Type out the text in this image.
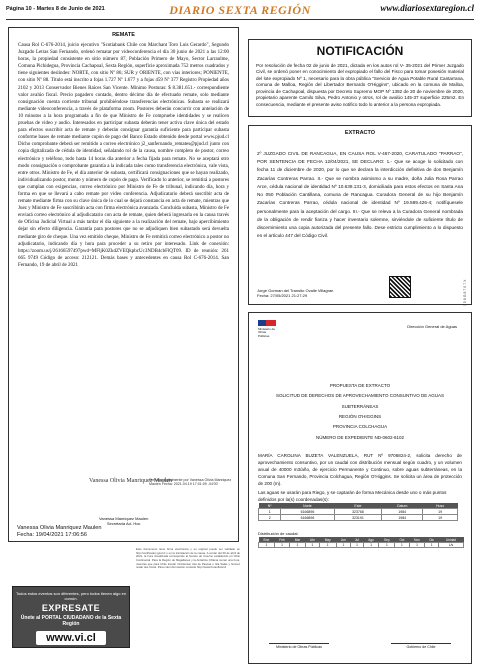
Página 10 - Martes 8 de Junio de 2021	DIARIO SEXTA REGIÓN	www.diariosextaregion.cl
REMATE
Causa Rol C-676-2014, juicio ejecutivo "Scotiabank Chile con Marchant Toro Luis Gerardo", Segundo Juzgado Letras San Fernando, ordenó rematar por videoconferencia el día 30 junio de 2021 a las 12:00 horas, la propiedad consistente en sitio número 87, Población Primero de Mayo, Sector Larraulme, Comuna Pichidegua, Provincia Cachapoal, Sexta Región, superficie aproximada 752 metros cuadrados y tiene siguientes deslindes: NORTE, con sitio Nº 86; SUR y ORIENTE, con vías interiores; PONIENTE, con sitio Nº 88. Título está inscrito a fojas 1.727 Nº 1.677 y a fojas 459 Nº 377 Registro Propiedad años 2102 y 2013 Conservador Bienes Raíces San Vicente. Mínimo Posturas: $ 8.381.651.- correspondiente valor avalúo fiscal. Precio pagadero contado, dentro décimo día de efectuado remate, solo mediante consignación cuenta corriente tribunal prohibiéndose transferencias electrónicas. Subasta se realizará mediante videoconferencia, a través de plataforma zoom. Postores deberán concurrir con antelación de 10 minutos a la hora programada a fin de que Ministro de Fe compruebe identidades y se realicen pruebas de video y audio. Interesados en participar subasta deberán tener activa clave única del estado para efectos suscribir acta de remate y deberán consignar garantía suficiente para participar subasta conforme bases de remate mediante cupón de pago del Banco Estado obtenido desde portal www.pjud.cl Dicho comprobante deberá ser remitido a correo electrónico j2_sanfernando_remates@pjud.cl junto con copia digitalizada de cédula de identidad, señalando rol de la causa, nombre completo de postor, correo electrónico y teléfono, todo hasta 14 horas día anterior a fecha fijada para remate. No se aceptará otro modo consignación o comprobante garantía a la indicada tales como transferencia electrónica, vale vista, entre otros. Ministro de Fe, el día anterior de subasta, certificará consignaciones que se hayan realizado, individualizando postor, monto y número de cupón de pago. Verificado lo anterior, se remitirá a postores que cumplan con exigencias, correo electrónico por Ministro de Fe de tribunal, indicando día, hora y forma en que se llevará a cabo remate por video conferencia. Adjudicatario deberá suscribir acta de remate mediante firma con su clave única de lo cual se dejará constancia en acta de remate, mientras que Juez y Ministro de Fe suscribirán acta con firma electrónica avanzada. Concluida subasta, Ministro de Fe enviará correo electrónico al adjudicatario con acta de remate, quien deberá ingresarla en la causa través de Oficina Judicial Virtual a más tardar el día siguiente a la realización del remate, bajo apercibimiento dejar sin efecto diligencia. Garantía para postores que no se adjudiquen bien subastado será devuelta mediante giro de cheque. Una vez emitido cheque, Ministro de Fe remitirá correo electrónico a postor no adjudicatario, indicando día y hora para proceder a su retiro por interesado. Link de conexión: https://zoom.us/j/26166597497pwd=MFljK0ZkdZVEQkpbcUc3NDB4cbFlQT09. ID de reunión: 261 665 9749 Código de acceso: 212121. Demás bases y antecedentes en causa Rol C-676-2014. San Fernando, 19 de abril de 2021
Vanessa Olivia Manriquez Maulen
Firmado digitalmente por Vanessa Olivia Manriquez Maulen Fecha: 2021.04.19 17:01:09 -04'00'
Vanessa Manriquez Maulen
Secretaria Ad- Hoc
Vanessa Olivia Manriquez Maulen
Fecha: 19/04/2021 17:06:56
Este documento tiene firma electrónica y su original puede ser validado en http://verificadoc.pjud.cl o en la tramitación de la causa. A contar del 09 de abril de 2021, la hora visualizada corresponde al horario de invierno establecido en Chile Continental. Para la Región de Magallanes y la Antártica Chilena sumar una hora, mientras que para Chile Insular Occidental, Isla de Pascua e Isla Salas y Gómez restar dos horas. Para más información consulte http://www.horaoficial.cl
NOTIFICACIÓN
Por resolución de fecha 02 de junio de 2021, dictada en los autos rol V- 35-2021 del Primer Juzgado Civil, se ordenó poner en conocimiento del expropiado el fallo del Fisco para tomar posesión material del lote expropiado Nº 1, necesario para la obra pública "Servicio de Agua Potable Rural Cantarrana, comuna de Malloa, Región del Libertador Bernardo O'Higgins", ubicado en la comuna de Malloa, provincia de Cachapoal, dispuesta por Decreto Supremo MOP Nº 1392 de 30 de noviembre de 2020, propietario aparente Camilo Silva, Pedro Antonio y otros, rol de avalúo 145-37 superficie 225m2. En consecuencia, mediante el presente aviso notifico todo lo anterior a la persona expropiada.
EXTRACTO
2º JUZGADO CIVIL DE RANCAGUA, EN CAUSA ROL V-467-2020, CARATULADO "PARRAO", POR SENTENCIA DE FECHA 12/04/2021, SE DECLARO: 1.- Que se acoge lo solicitado con fecha 11 de diciembre de 2020, por lo que se declara la interdicción definitiva de don Benjamín Zacarías Contreras Parrao. II.- Que se nombra asimismo a su madre, doña Julia Rosa Parrao Arce, cédula nacional de identidad Nº 10.638.131-3, domiciliada para estos efectos en Santa Ana No 050 Población Cantillana, comuna de Rancagua. Curadora General de su hijo Benjamín Zacarías Contreras Parrao, cédula nacional de identidad Nº 19.589.426-4; notifíquesele personalmente para la aceptación del cargo. III.- Que se releva a la Curadora General nombrada de la obligación de rendir fianza y hacer inventario solemne, sirviéndole de suficiente título de discernimiento una copia autorizada del presente fallo. Dese estricto cumplimiento a lo dispuesto en el artículo 447 del Código Civil.
Jorge Gorman del Transito Ovalle Villagran
Fecha: 27/05/2021 21:27:29	1 5 6 G 8 7 0 7 X
Ministerio de Obras Públicas
Dirección General de Aguas
PROPUESTA DE EXTRACTO
SOLICITUD DE DERECHOS DE APROVECHAMIENTO CONSUNTIVO DE AGUAS
SUBTERRÁNEAS
REGIÓN O'HIGGINS
PROVINCIA COLCHAGUA
NÚMERO DE EXPEDIENTE ND-0602-6102
MARÍA CAROLINA BUZETA VALENZUELA, RUT Nº 9706824-2, solicita derecho de aprovechamiento consuntivo, por un caudal con distribución mensual según cuadro, y un volumen anual de 40000 m3/año, de ejercicio Permanente y Continuo, sobre aguas subterráneas, en la Comuna San Fernando, Provincia Colchagua, Región O'Higgins. Se solicita un área de protección de 200 (m).
Las aguas se usarán para Riego, y se captarán de forma Mecánica desde uno o más puntos definidos por la(s) coordenadas(s):
Nº	Norte	Este	Datum	Huso
1	6166896	323768	1984	19
2	6166896	323191	1984	19
Distribución de caudal:
Ene	Feb	Mar	Abr	May	Jun	Jul	Ago	Sep	Oct	Nov	Dic	Unidad
1	1	1	1	1	1	1	1	1	1	1	1	L/s
Ministerio de Obras Públicas	Gobierno de Chile
Todos estos eventos son diferentes, pero todos tienen algo en común.
EXPRESATE
Únete al PORTAL CIUDADANO de la Sexta Región
www.vi.cl
"El Portal de la VI Región"
